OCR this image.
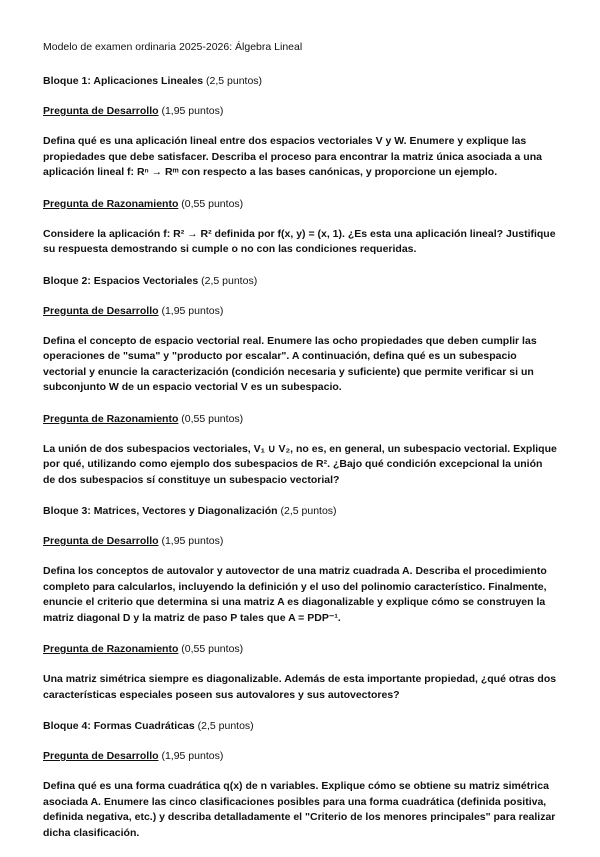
Modelo de examen ordinaria 2025-2026: Álgebra Lineal
Bloque 1: Aplicaciones Lineales (2,5 puntos)
Pregunta de Desarrollo (1,95 puntos)
Defina qué es una aplicación lineal entre dos espacios vectoriales V y W. Enumere y explique las propiedades que debe satisfacer. Describa el proceso para encontrar la matriz única asociada a una aplicación lineal f: Rⁿ → Rᵐ con respecto a las bases canónicas, y proporcione un ejemplo.
Pregunta de Razonamiento (0,55 puntos)
Considere la aplicación f: R² → R² definida por f(x, y) = (x, 1). ¿Es esta una aplicación lineal? Justifique su respuesta demostrando si cumple o no con las condiciones requeridas.
Bloque 2: Espacios Vectoriales (2,5 puntos)
Pregunta de Desarrollo (1,95 puntos)
Defina el concepto de espacio vectorial real. Enumere las ocho propiedades que deben cumplir las operaciones de "suma" y "producto por escalar". A continuación, defina qué es un subespacio vectorial y enuncie la caracterización (condición necesaria y suficiente) que permite verificar si un subconjunto W de un espacio vectorial V es un subespacio.
Pregunta de Razonamiento (0,55 puntos)
La unión de dos subespacios vectoriales, V₁ ∪ V₂, no es, en general, un subespacio vectorial. Explique por qué, utilizando como ejemplo dos subespacios de R². ¿Bajo qué condición excepcional la unión de dos subespacios sí constituye un subespacio vectorial?
Bloque 3: Matrices, Vectores y Diagonalización (2,5 puntos)
Pregunta de Desarrollo (1,95 puntos)
Defina los conceptos de autovalor y autovector de una matriz cuadrada A. Describa el procedimiento completo para calcularlos, incluyendo la definición y el uso del polinomio característico. Finalmente, enuncie el criterio que determina si una matriz A es diagonalizable y explique cómo se construyen la matriz diagonal D y la matriz de paso P tales que A = PDP⁻¹.
Pregunta de Razonamiento (0,55 puntos)
Una matriz simétrica siempre es diagonalizable. Además de esta importante propiedad, ¿qué otras dos características especiales poseen sus autovalores y sus autovectores?
Bloque 4: Formas Cuadráticas (2,5 puntos)
Pregunta de Desarrollo (1,95 puntos)
Defina qué es una forma cuadrática q(x) de n variables. Explique cómo se obtiene su matriz simétrica asociada A. Enumere las cinco clasificaciones posibles para una forma cuadrática (definida positiva, definida negativa, etc.) y describa detalladamente el "Criterio de los menores principales" para realizar dicha clasificación.
